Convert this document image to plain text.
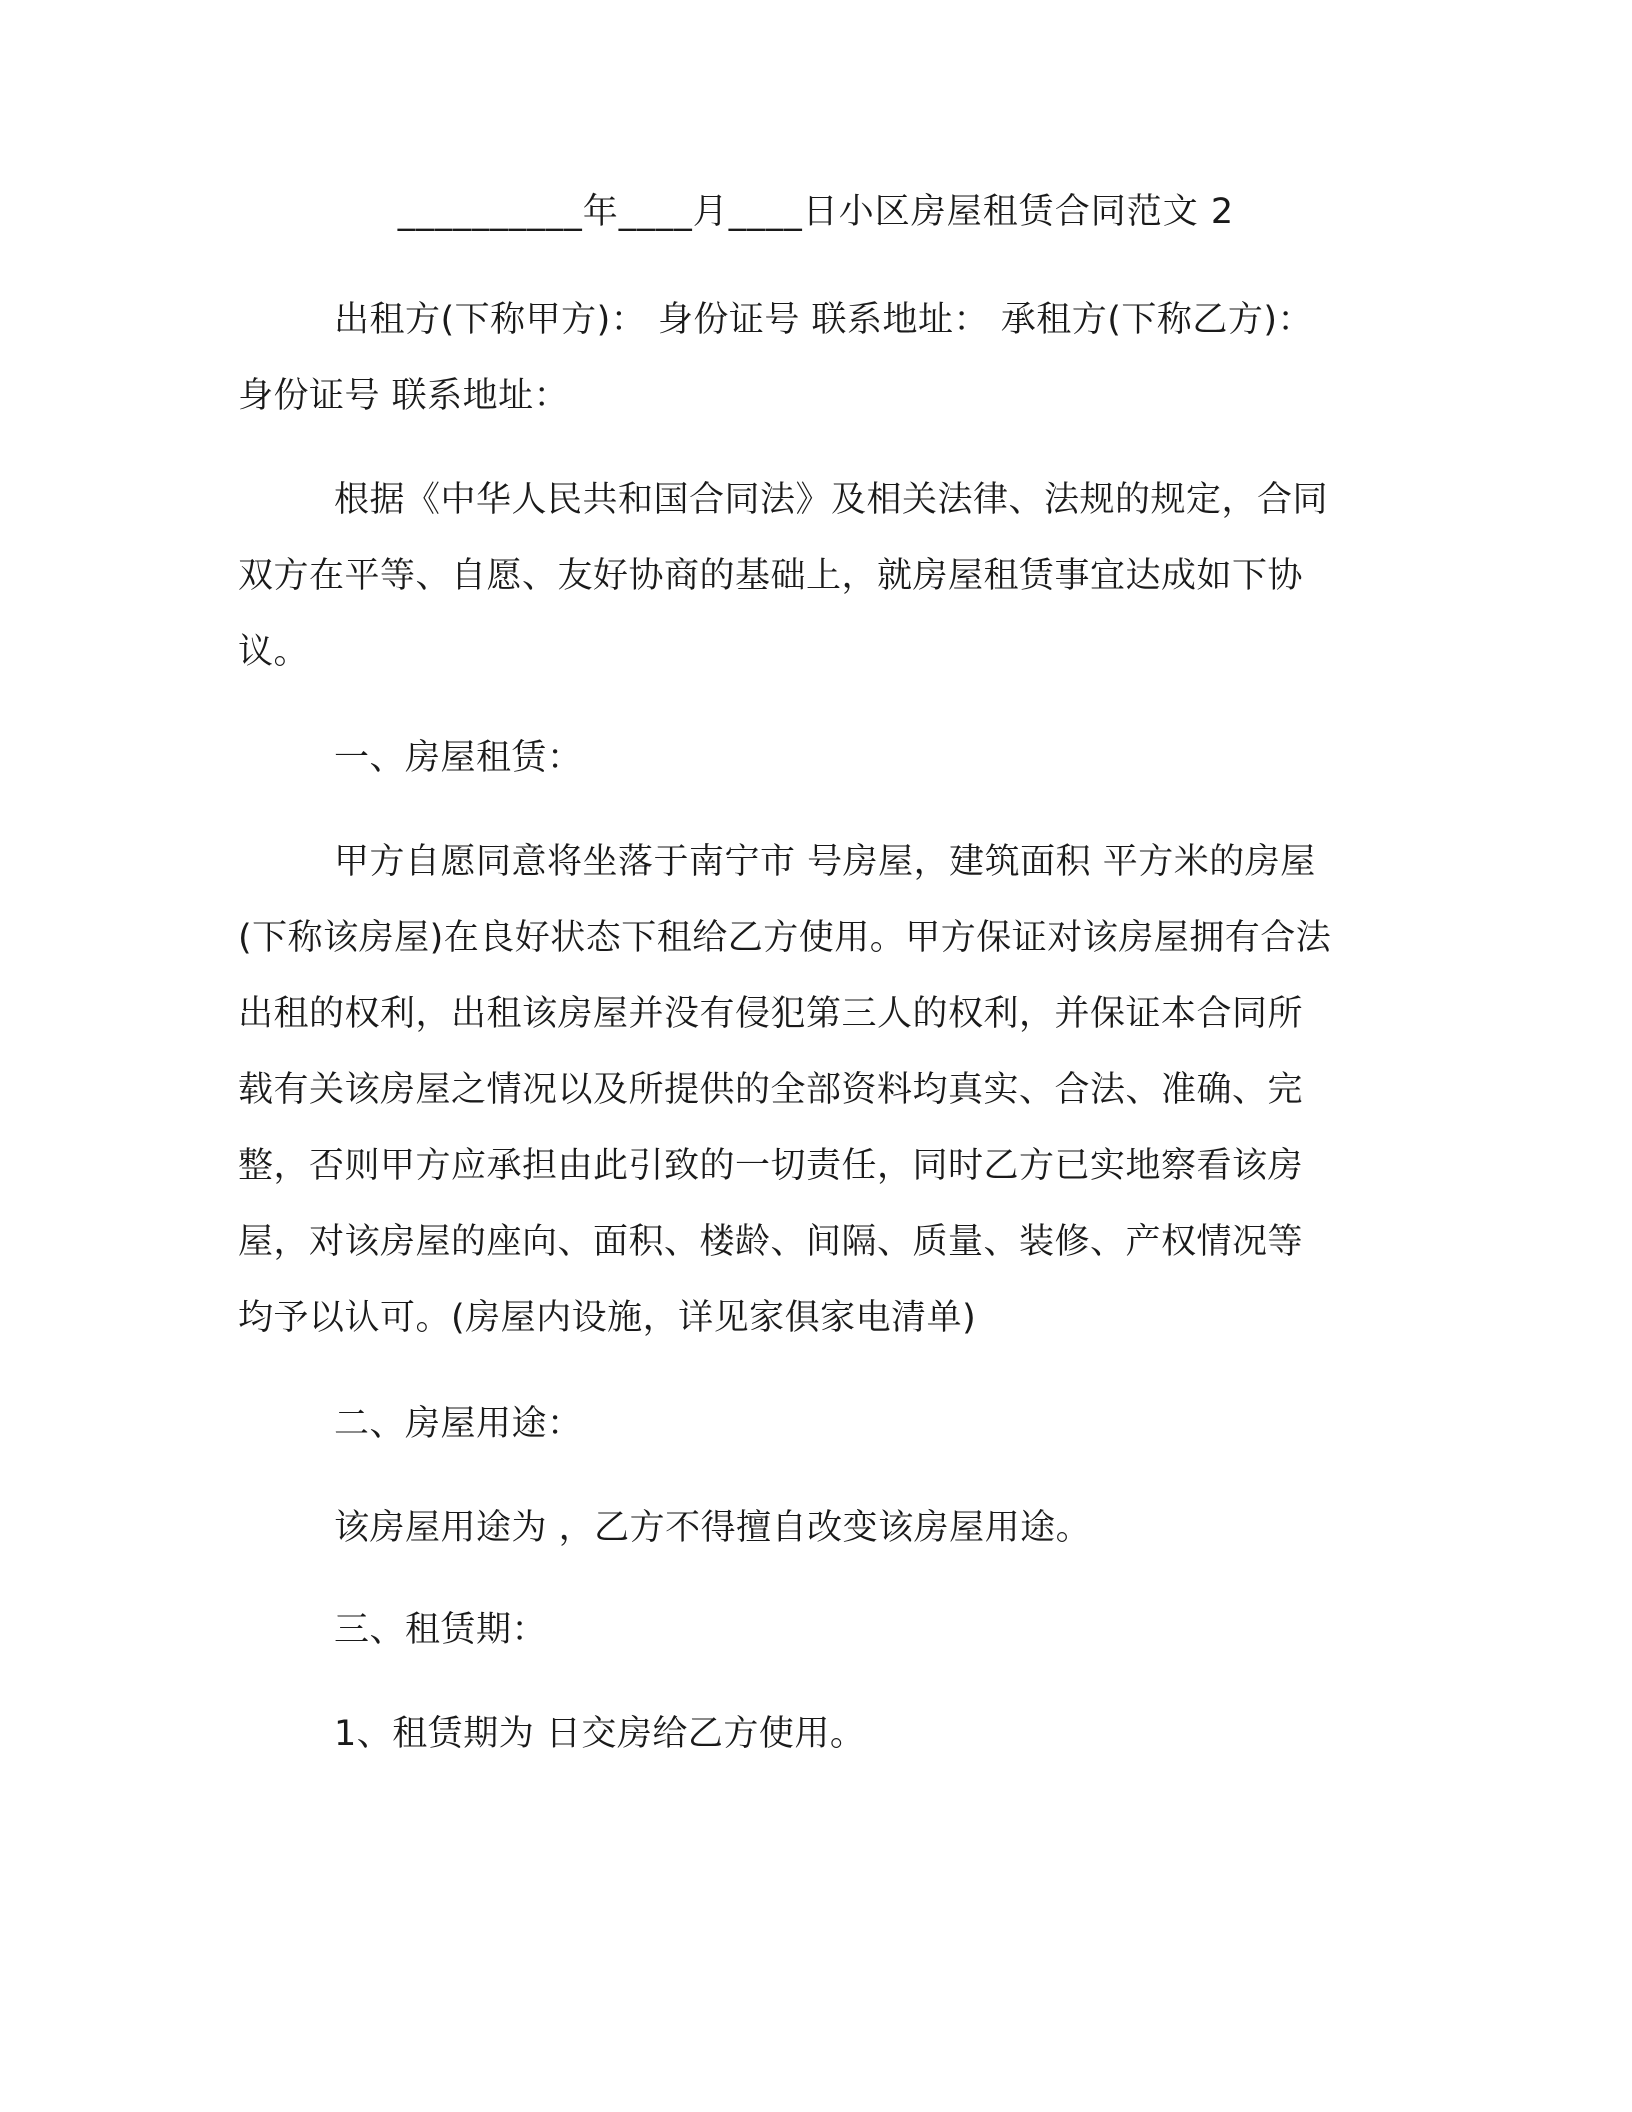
__________年____月____日小区房屋租赁合同范文 2
出租方(下称甲方)： 身份证号 联系地址： 承租方(下称乙方)：
身份证号 联系地址：
根据《中华人民共和国合同法》及相关法律、法规的规定，合同
双方在平等、自愿、友好协商的基础上，就房屋租赁事宜达成如下协
议。
一、房屋租赁：
甲方自愿同意将坐落于南宁市 号房屋，建筑面积 平方米的房屋
(下称该房屋)在良好状态下租给乙方使用。甲方保证对该房屋拥有合法
出租的权利，出租该房屋并没有侵犯第三人的权利，并保证本合同所
载有关该房屋之情况以及所提供的全部资料均真实、合法、准确、完
整，否则甲方应承担由此引致的一切责任，同时乙方已实地察看该房
屋，对该房屋的座向、面积、楼龄、间隔、质量、装修、产权情况等
均予以认可。(房屋内设施，详见家俱家电清单)
二、房屋用途：
该房屋用途为 ，乙方不得擅自改变该房屋用途。
三、租赁期：
1、租赁期为 日交房给乙方使用。
